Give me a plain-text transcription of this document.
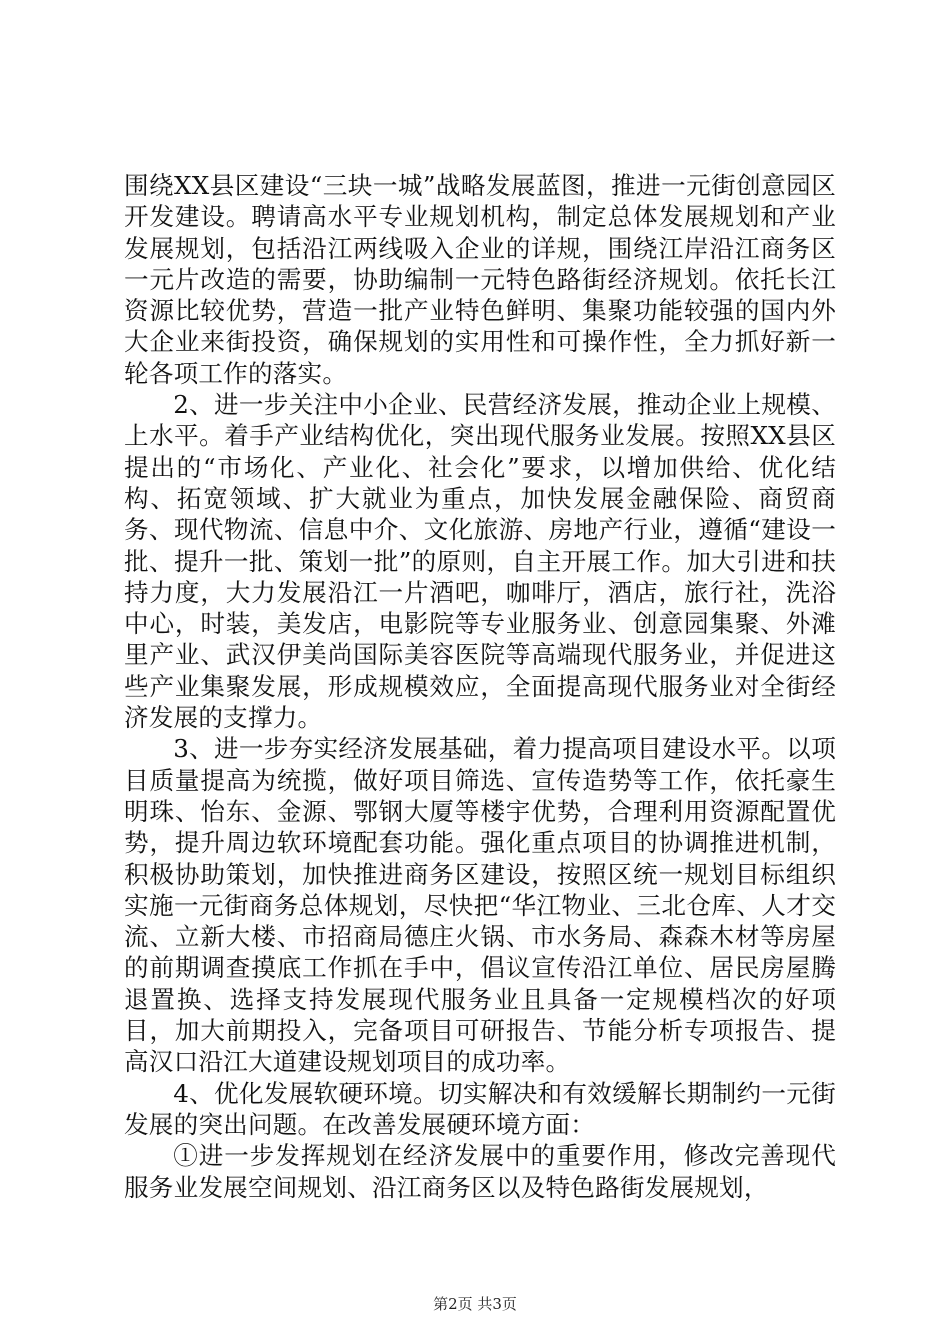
围绕XX县区建设“三块一城”战略发展蓝图，推进一元街创意园区开发建设。聘请高水平专业规划机构，制定总体发展规划和产业发展规划，包括沿江两线吸入企业的详规，围绕江岸沿江商务区一元片改造的需要，协助编制一元特色路街经济规划。依托长江资源比较优势，营造一批产业特色鲜明、集聚功能较强的国内外大企业来街投资，确保规划的实用性和可操作性，全力抓好新一轮各项工作的落实。

2、进一步关注中小企业、民营经济发展，推动企业上规模、上水平。着手产业结构优化，突出现代服务业发展。按照XX县区提出的“市场化、产业化、社会化”要求，以增加供给、优化结构、拓宽领域、扩大就业为重点，加快发展金融保险、商贸商务、现代物流、信息中介、文化旅游、房地产行业，遵循“建设一批、提升一批、策划一批”的原则，自主开展工作。加大引进和扶持力度，大力发展沿江一片酒吧，咖啡厅，酒店，旅行社，洗浴中心，时装，美发店，电影院等专业服务业、创意园集聚、外滩里产业、武汉伊美尚国际美容医院等高端现代服务业，并促进这些产业集聚发展，形成规模效应，全面提高现代服务业对全街经济发展的支撑力。

3、进一步夯实经济发展基础，着力提高项目建设水平。以项目质量提高为统揽，做好项目筛选、宣传造势等工作，依托豪生明珠、怡东、金源、鄂钢大厦等楼宇优势，合理利用资源配置优势，提升周边软环境配套功能。强化重点项目的协调推进机制，积极协助策划，加快推进商务区建设，按照区统一规划目标组织实施一元街商务总体规划，尽快把“华江物业、三北仓库、人才交流、立新大楼、市招商局德庄火锅、市水务局、森森木材等房屋的前期调查摸底工作抓在手中，倡议宣传沿江单位、居民房屋腾退置换、选择支持发展现代服务业且具备一定规模档次的好项目，加大前期投入，完备项目可研报告、节能分析专项报告、提高汉口沿江大道建设规划项目的成功率。

4、优化发展软硬环境。切实解决和有效缓解长期制约一元街发展的突出问题。在改善发展硬环境方面：

①进一步发挥规划在经济发展中的重要作用，修改完善现代服务业发展空间规划、沿江商务区以及特色路街发展规划，

第2页 共3页
